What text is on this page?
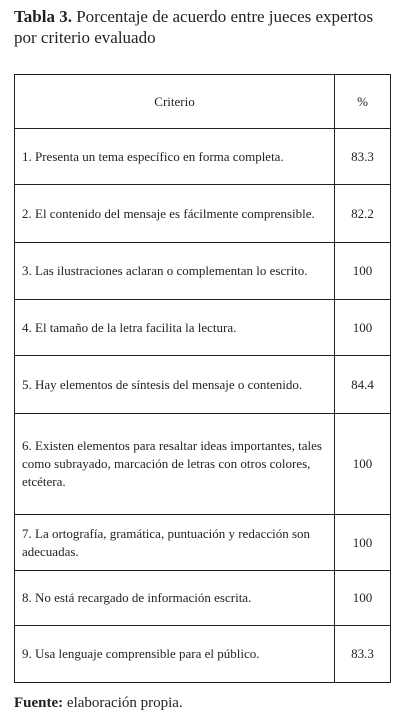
Tabla 3. Porcentaje de acuerdo entre jueces expertos por criterio evaluado
Criterio	%
1. Presenta un tema específico en forma completa.	83.3
2. El contenido del mensaje es fácilmente comprensible.	82.2
3. Las ilustraciones aclaran o complementan lo escrito.	100
4. El tamaño de la letra facilita la lectura.	100
5. Hay elementos de síntesis del mensaje o contenido.	84.4
6. Existen elementos para resaltar ideas importantes, tales como subrayado, marcación de letras con otros colores, etcétera.	100
7. La ortografía, gramática, puntuación y redacción son adecuadas.	100
8. No está recargado de información escrita.	100
9. Usa lenguaje comprensible para el público.	83.3
Fuente: elaboración propia.
